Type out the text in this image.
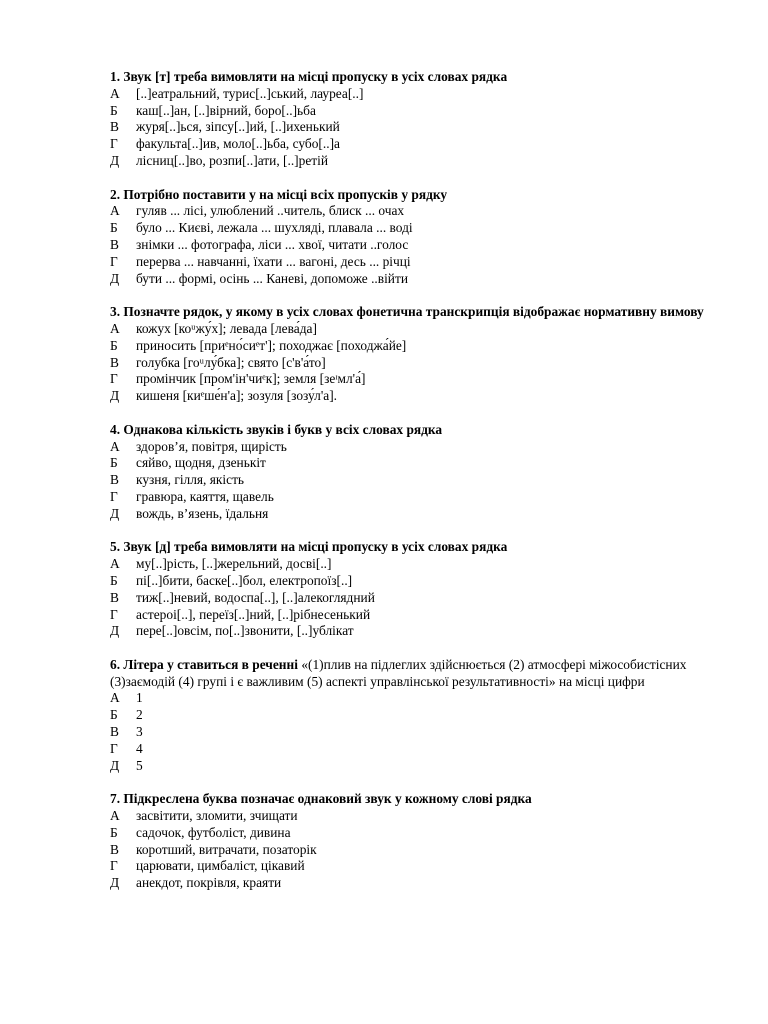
1. Звук [т] треба вимовляти на місці пропуску в усіх словах рядка

А	[..]еатральний, турис[..]ський, лауреа[..]
Б	каш[..]ан, [..]вірний, боро[..]ьба
В	журя[..]ься, зіпсу[..]ий, [..]ихенький
Г	факульта[..]ив, моло[..]ьба, субо[..]а
Д	лісниц[..]во, розпи[..]ати, [..]ретій

2. Потрібно поставити у на місці всіх пропусків у рядку

А	гуляв ... лісі, улюблений ..читель, блиск ... очах
Б	було ... Києві, лежала ... шухляді, плавала ... воді
В	знімки ... фотографа, ліси ... хвої, читати ..голос
Г	перерва ... навчанні, їхати ... вагоні, десь ... річці
Д	бути ... формі, осінь ... Каневі, допоможе ..війти

3. Позначте рядок, у якому в усіх словах фонетична транскрипція відображає нормативну вимову

А	кожух [коᵘжу́х]; левада [лева́да]
Б	приносить [приᵉно́сиᵉт']; походжає [походжа́йе]
В	голубка [гоᵘлу́бка]; свято [с'в'а́то]
Г	промінчик [пром'ін'чиᵉк]; земля [зеᶦмл'а́]
Д	кишеня [киᵉше́н'а]; зозуля [зозу́л'а].

4. Однакова кількість звуків і букв у всіх словах рядка

А	здоров’я, повітря, щирість
Б	сяйво, щодня, дзенькіт
В	кузня, гілля, якість
Г	гравюра, каяття, щавель
Д	вождь, в’язень, їдальня

5. Звук [д] треба вимовляти на місці пропуску в усіх словах рядка

А	му[..]рість, [..]жерельний, досві[..]
Б	пі[..]бити, баске[..]бол, електропоїз[..]
В	тиж[..]невий, водоспа[..], [..]алекоглядний
Г	астероі[..], переїз[..]ний, [..]рібнесенький
Д	пере[..]овсім, по[..]звонити, [..]ублікат

6. Літера у ставиться в реченні «(1)плив на підлеглих здійснюється (2) атмосфері міжособистісних (3)заємодій (4) групі і є важливим (5) аспекті управлінської результативності» на місці цифри

А	1
Б	2
В	3
Г	4
Д	5

7. Підкреслена буква позначає однаковий звук у кожному слові рядка

А	засвітити, зломити, зчищати
Б	садочок, футболіст, дивина
В	коротший, витрачати, позаторік
Г	царювати, цимбаліст, цікавий
Д	анекдот, покрівля, краяти
